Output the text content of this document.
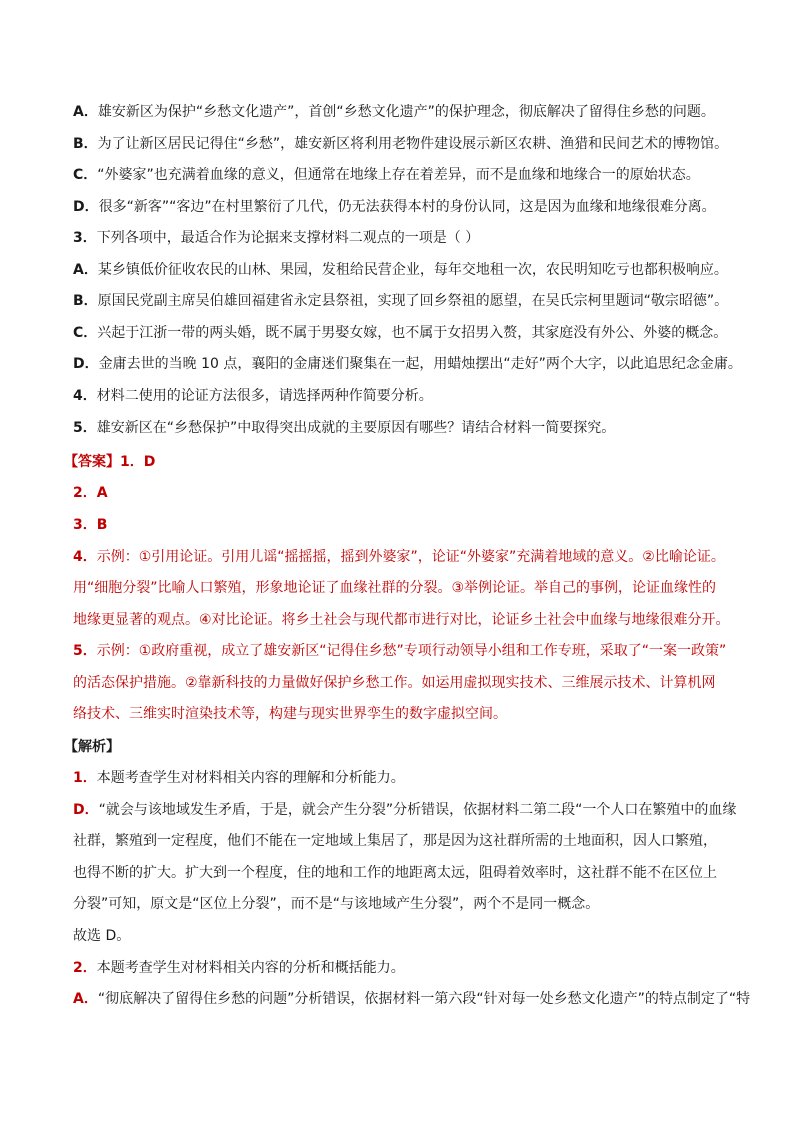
A．雄安新区为保护“乡愁文化遗产”，首创“乡愁文化遗产”的保护理念，彻底解决了留得住乡愁的问题。
B．为了让新区居民记得住“乡愁”，雄安新区将利用老物件建设展示新区农耕、渔猎和民间艺术的博物馆。
C．“外婆家”也充满着血缘的意义，但通常在地缘上存在着差异，而不是血缘和地缘合一的原始状态。
D．很多“新客”“客边”在村里繁衍了几代，仍无法获得本村的身份认同，这是因为血缘和地缘很难分离。
3．下列各项中，最适合作为论据来支撑材料二观点的一项是（ ）
A．某乡镇低价征收农民的山林、果园，发租给民营企业，每年交地租一次，农民明知吃亏也都积极响应。
B．原国民党副主席吴伯雄回福建省永定县祭祖，实现了回乡祭祖的愿望，在吴氏宗柯里题词“敬宗昭德”。
C．兴起于江浙一带的两头婚，既不属于男娶女嫁，也不属于女招男入赘，其家庭没有外公、外婆的概念。
D．金庸去世的当晚 10 点，襄阳的金庸迷们聚集在一起，用蜡烛摆出“走好”两个大字，以此追思纪念金庸。
4．材料二使用的论证方法很多，请选择两种作简要分析。
5．雄安新区在“乡愁保护”中取得突出成就的主要原因有哪些？请结合材料一简要探究。
【答案】1．D
2．A
3．B
4．示例：①引用论证。引用儿谣“摇摇摇，摇到外婆家”，论证“外婆家”充满着地域的意义。②比喻论证。
用“细胞分裂”比喻人口繁殖，形象地论证了血缘社群的分裂。③举例论证。举自己的事例，论证血缘性的
地缘更显著的观点。④对比论证。将乡土社会与现代都市进行对比，论证乡土社会中血缘与地缘很难分开。
5．示例：①政府重视，成立了雄安新区“记得住乡愁”专项行动领导小组和工作专班，采取了“一案一政策”
的活态保护措施。②靠新科技的力量做好保护乡愁工作。如运用虚拟现实技术、三维展示技术、计算机网
络技术、三维实时渲染技术等，构建与现实世界孪生的数字虚拟空间。
【解析】
1．本题考查学生对材料相关内容的理解和分析能力。
D．“就会与该地域发生矛盾，于是，就会产生分裂”分析错误，依据材料二第二段“一个人口在繁殖中的血缘
社群，繁殖到一定程度，他们不能在一定地域上集居了，那是因为这社群所需的土地面积，因人口繁殖，
也得不断的扩大。扩大到一个程度，住的地和工作的地距离太远，阻碍着效率时，这社群不能不在区位上
分裂”可知，原文是“区位上分裂”，而不是“与该地域产生分裂”，两个不是同一概念。
故选 D。
2．本题考查学生对材料相关内容的分析和概括能力。
A．“彻底解决了留得住乡愁的问题”分析错误，依据材料一第六段“针对每一处乡愁文化遗产”的特点制定了“特
